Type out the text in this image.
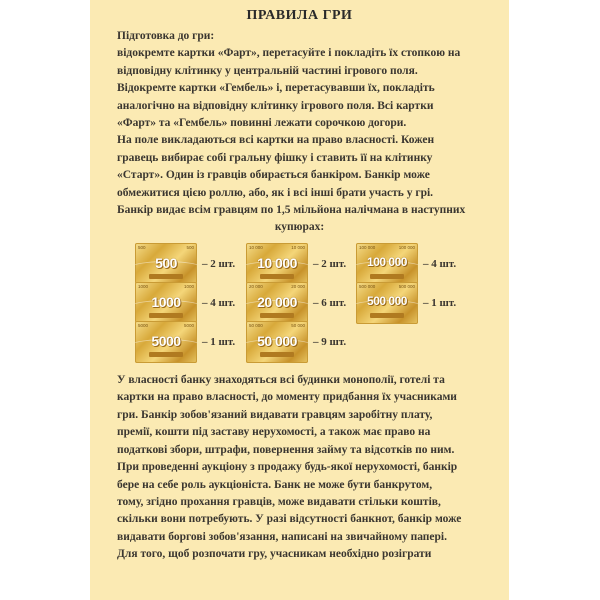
ПРАВИЛА ГРИ
Підготовка до гри:
відокремте картки «Фарт», перетасуйте і покладіть їх стопкою на
відповідну клітинку у центральній частині ігрового поля.
Відокремте картки «Гембель» і, перетасувавши їх, покладіть
аналогічно на відповідну клітинку ігрового поля. Всі картки
«Фарт» та «Гембель» повинні лежати сорочкою догори.
На поле викладаються всі картки на право власності. Кожен
гравець вибирає собі гральну фішку і ставить її на клітинку
«Старт». Один із гравців обирається банкіром. Банкір може
обмежитися цією роллю, або, як і всі інші брати участь у грі.
Банкір видає всім гравцям по 1,5 мільйона налічмана в наступних
купюрах:
500	500
500	– 2 шт.
1000	1000
1000	– 4 шт.
5000	5000
5000	– 1 шт.
10 000	10 000
10 000	– 2 шт.
20 000	20 000
20 000	– 6 шт.
50 000	50 000
50 000	– 9 шт.
100 000	100 000
100 000	– 4 шт.
500 000	500 000
500 000	– 1 шт.
У власності банку знаходяться всі будинки монополії, готелі та
картки на право власності, до моменту придбання їх учасниками
гри. Банкір зобов'язаний видавати гравцям заробітну плату,
премії, кошти під заставу нерухомості, а також має право на
податкові збори, штрафи, повернення займу та відсотків по ним.
При проведенні аукціону з продажу будь-якої нерухомості, банкір
бере на себе роль аукціоніста. Банк не може бути банкрутом,
тому, згідно прохання гравців, може видавати стільки коштів,
скільки вони потребують. У разі відсутності банкнот, банкір може
видавати боргові зобов'язання, написані на звичайному папері.
Для того, щоб розпочати гру, учасникам необхідно розіграти
